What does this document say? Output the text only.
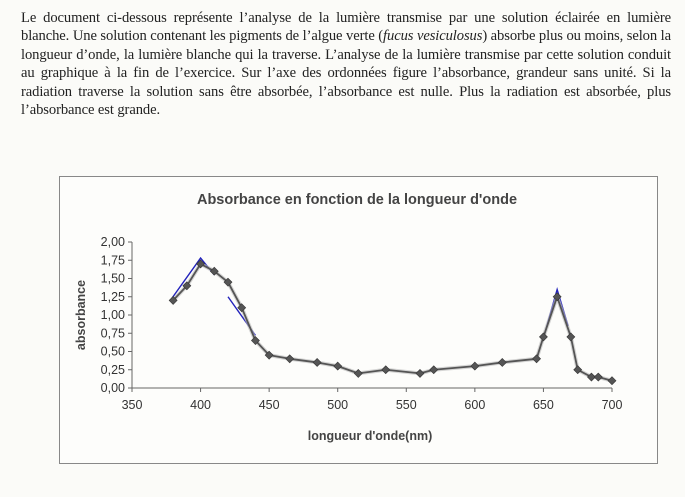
Le document ci-dessous représente l’analyse de la lumière transmise par une solution éclairée en lumière blanche. Une solution contenant les pigments de l’algue verte (fucus vesiculosus) absorbe plus ou moins, selon la longueur d’onde, la lumière blanche qui la traverse. L’analyse de la lumière transmise par cette solution conduit au graphique à la fin de l’exercice. Sur l’axe des ordonnées figure l’absorbance, grandeur sans unité. Si la radiation traverse la solution sans être absorbée, l’absorbance est nulle. Plus la radiation est absorbée, plus l’absorbance est grande.
Absorbance en fonction de la longueur d'onde
0,00
0,25
0,50
0,75
1,00
1,25
1,50
1,75
2,00
350	400	450	500	550	600	650	700
longueur d'onde(nm)
absorbance
